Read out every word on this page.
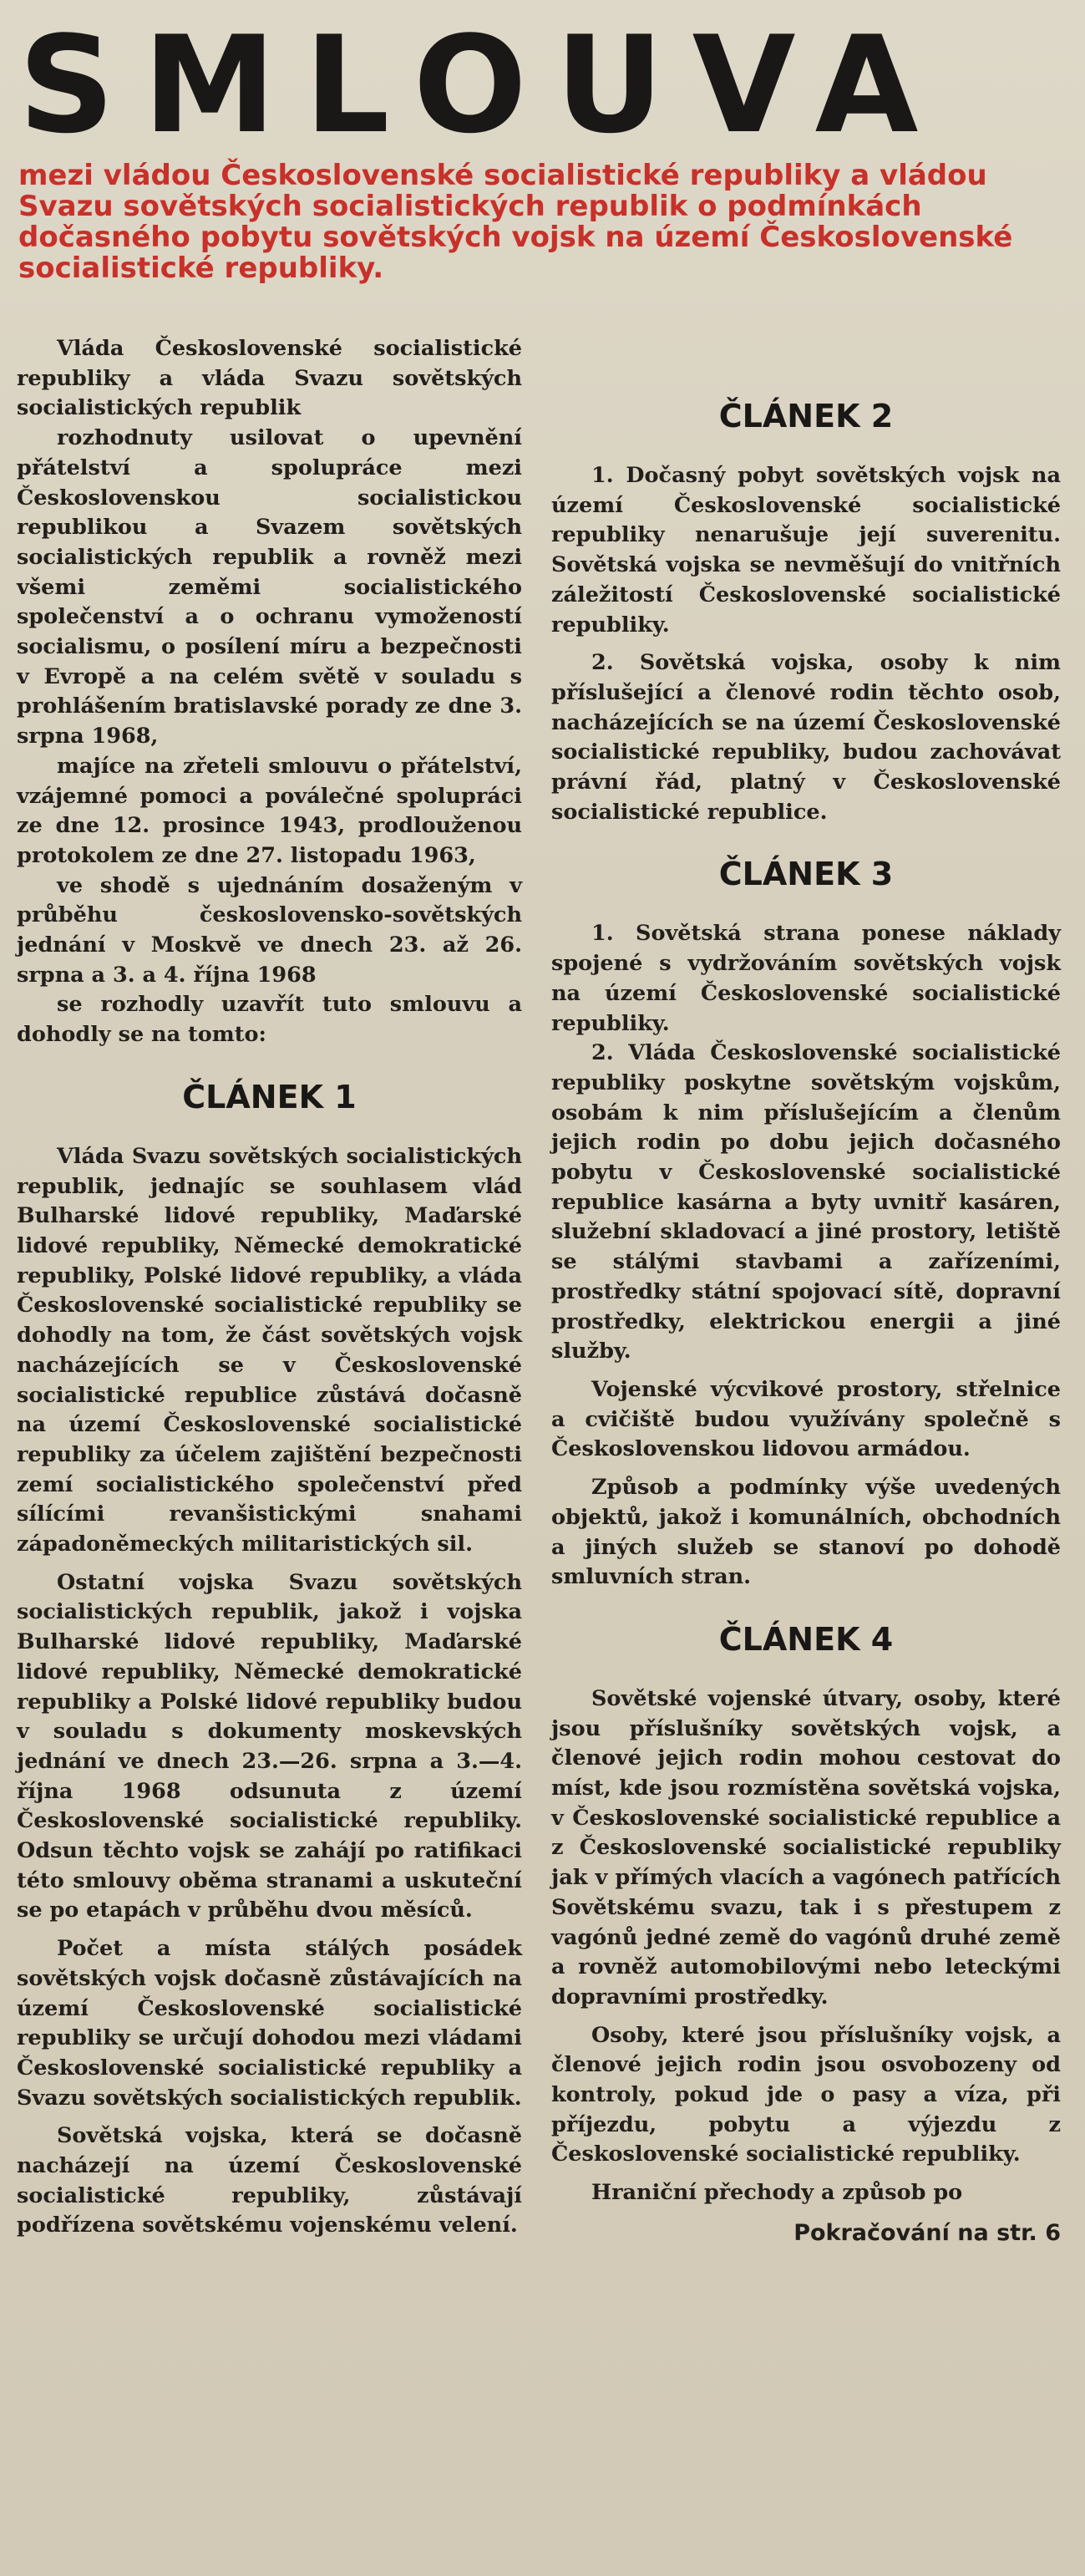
SMLOUVA
mezi vládou Československé socialistické republiky a vládou Svazu sovětských socialistických republik o podmínkách dočasného pobytu sovětských vojsk na území Československé socialistické republiky.

Vláda Československé socialistické republiky a vláda Svazu sovětských socialistických republik

rozhodnuty usilovat o upevnění přátelství a spolupráce mezi Československou socialistickou republikou a Svazem sovětských socialistických republik a rovněž mezi všemi zeměmi socialistického společenství a o ochranu vymožeností socialismu, o posílení míru a bezpečnosti v Evropě a na celém světě v souladu s prohlášením bratislavské porady ze dne 3. srpna 1968,

majíce na zřeteli smlouvu o přátelství, vzájemné pomoci a poválečné spolupráci ze dne 12. prosince 1943, prodlouženou protokolem ze dne 27. listopadu 1963,

ve shodě s ujednáním dosaženým v průběhu československo-sovětských jednání v Moskvě ve dnech 23. až 26. srpna a 3. a 4. října 1968

se rozhodly uzavřít tuto smlouvu a dohodly se na tomto:

ČLÁNEK 1

Vláda Svazu sovětských socialistických republik, jednajíc se souhlasem vlád Bulharské lidové republiky, Maďarské lidové republiky, Německé demokratické republiky, Polské lidové republiky, a vláda Československé socialistické republiky se dohodly na tom, že část sovětských vojsk nacházejících se v Československé socialistické republice zůstává dočasně na území Československé socialistické republiky za účelem zajištění bezpečnosti zemí socialistického společenství před sílícími revanšistickými snahami západoněmeckých militaristických sil.

Ostatní vojska Svazu sovětských socialistických republik, jakož i vojska Bulharské lidové republiky, Maďarské lidové republiky, Německé demokratické republiky a Polské lidové republiky budou v souladu s dokumenty moskevských jednání ve dnech 23.—26. srpna a 3.—4. října 1968 odsunuta z území Československé socialistické republiky. Odsun těchto vojsk se zahájí po ratifikaci této smlouvy oběma stranami a uskuteční se po etapách v průběhu dvou měsíců.

Počet a místa stálých posádek sovětských vojsk dočasně zůstávajících na území Československé socialistické republiky se určují dohodou mezi vládami Československé socialistické republiky a Svazu sovětských socialistických republik.

Sovětská vojska, která se dočasně nacházejí na území Československé socialistické republiky, zůstávají podřízena sovětskému vojenskému velení.

ČLÁNEK 2

1. Dočasný pobyt sovětských vojsk na území Československé socialistické republiky nenarušuje její suverenitu. Sovětská vojska se nevměšují do vnitřních záležitostí Československé socialistické republiky.

2. Sovětská vojska, osoby k nim příslušející a členové rodin těchto osob, nacházejících se na území Československé socialistické republiky, budou zachovávat právní řád, platný v Československé socialistické republice.

ČLÁNEK 3

1. Sovětská strana ponese náklady spojené s vydržováním sovětských vojsk na území Československé socialistické republiky.

2. Vláda Československé socialistické republiky poskytne sovětským vojskům, osobám k nim příslušejícím a členům jejich rodin po dobu jejich dočasného pobytu v Československé socialistické republice kasárna a byty uvnitř kasáren, služební skladovací a jiné prostory, letiště se stálými stavbami a zařízeními, prostředky státní spojovací sítě, dopravní prostředky, elektrickou energii a jiné služby.

Vojenské výcvikové prostory, střelnice a cvičiště budou využívány společně s Československou lidovou armádou.

Způsob a podmínky výše uvedených objektů, jakož i komunálních, obchodních a jiných služeb se stanoví po dohodě smluvních stran.

ČLÁNEK 4

Sovětské vojenské útvary, osoby, které jsou příslušníky sovětských vojsk, a členové jejich rodin mohou cestovat do míst, kde jsou rozmístěna sovětská vojska, v Československé socialistické republice a z Československé socialistické republiky jak v přímých vlacích a vagónech patřících Sovětskému svazu, tak i s přestupem z vagónů jedné země do vagónů druhé země a rovněž automobilovými nebo leteckými dopravními prostředky.

Osoby, které jsou příslušníky vojsk, a členové jejich rodin jsou osvobozeny od kontroly, pokud jde o pasy a víza, při příjezdu, pobytu a výjezdu z Československé socialistické republiky.

Hraniční přechody a způsob po

Pokračování na str. 6
